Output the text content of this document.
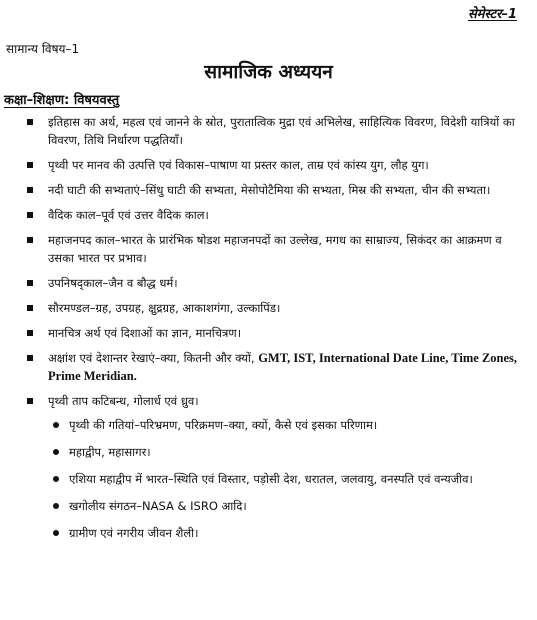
सेमेस्टर–1
सामान्य विषय–1
सामाजिक अध्ययन
कक्षा–शिक्षण: विषयवस्तु
इतिहास का अर्थ, महत्व एवं जानने के स्रोत, पुरातात्विक मुद्रा एवं अभिलेख, साहित्यिक विवरण, विदेशी यात्रियों का विवरण, तिथि निर्धारण पद्धतियाँ।
पृथ्वी पर मानव की उत्पत्ति एवं विकास–पाषाण या प्रस्तर काल, ताम्र एवं कांस्य युग, लौह युग।
नदी घाटी की सभ्यताएं–सिंधु घाटी की सभ्यता, मेसोपोटैमिया की सभ्यता, मिस्र की सभ्यता, चीन की सभ्यता।
वैदिक काल–पूर्व एवं उत्तर वैदिक काल।
महाजनपद काल–भारत के प्रारंभिक षोडश महाजनपदों का उल्लेख, मगध का साम्राज्य, सिकंदर का आक्रमण व उसका भारत पर प्रभाव।
उपनिषद्काल–जैन व बौद्ध धर्म।
सौरमण्डल–ग्रह, उपग्रह, क्षुद्रग्रह, आकाशगंगा, उल्कापिंड।
मानचित्र अर्थ एवं दिशाओं का ज्ञान, मानचित्रण।
अक्षांश एवं देशान्तर रेखाएं–क्या, कितनी और क्यों, GMT, IST, International Date Line, Time Zones, Prime Meridian.
पृथ्वी ताप कटिबन्ध, गोलार्ध एवं ध्रुव।
पृथ्वी की गतियां–परिभ्रमण, परिक्रमण–क्या, क्यों, कैसे एवं इसका परिणाम।
महाद्वीप, महासागर।
एशिया महाद्वीप में भारत–स्थिति एवं विस्तार, पड़ोसी देश, धरातल, जलवायु, वनस्पति एवं वन्यजीव।
खगोलीय संगठन–NASA & ISRO आदि।
ग्रामीण एवं नगरीय जीवन शैली।
